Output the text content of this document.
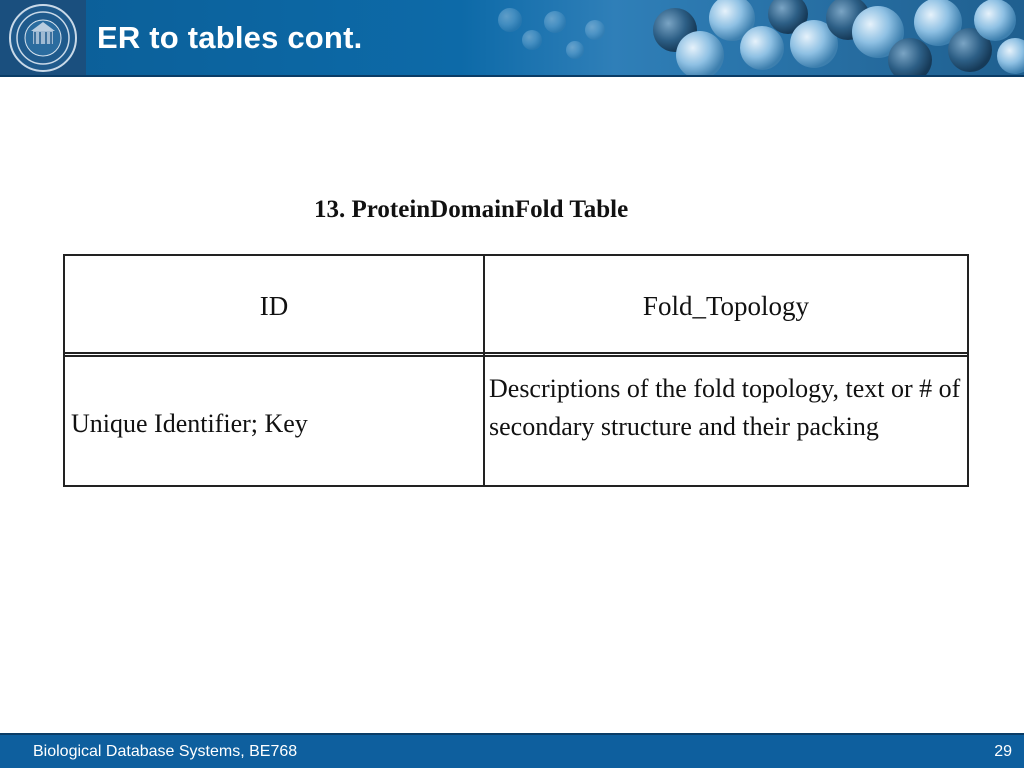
ER to tables cont.
13. ProteinDomainFold Table
ID	Fold_Topology
Unique Identifier; Key
Descriptions of the fold topology, text or # of secondary structure and their packing
Biological Database Systems, BE768	29
